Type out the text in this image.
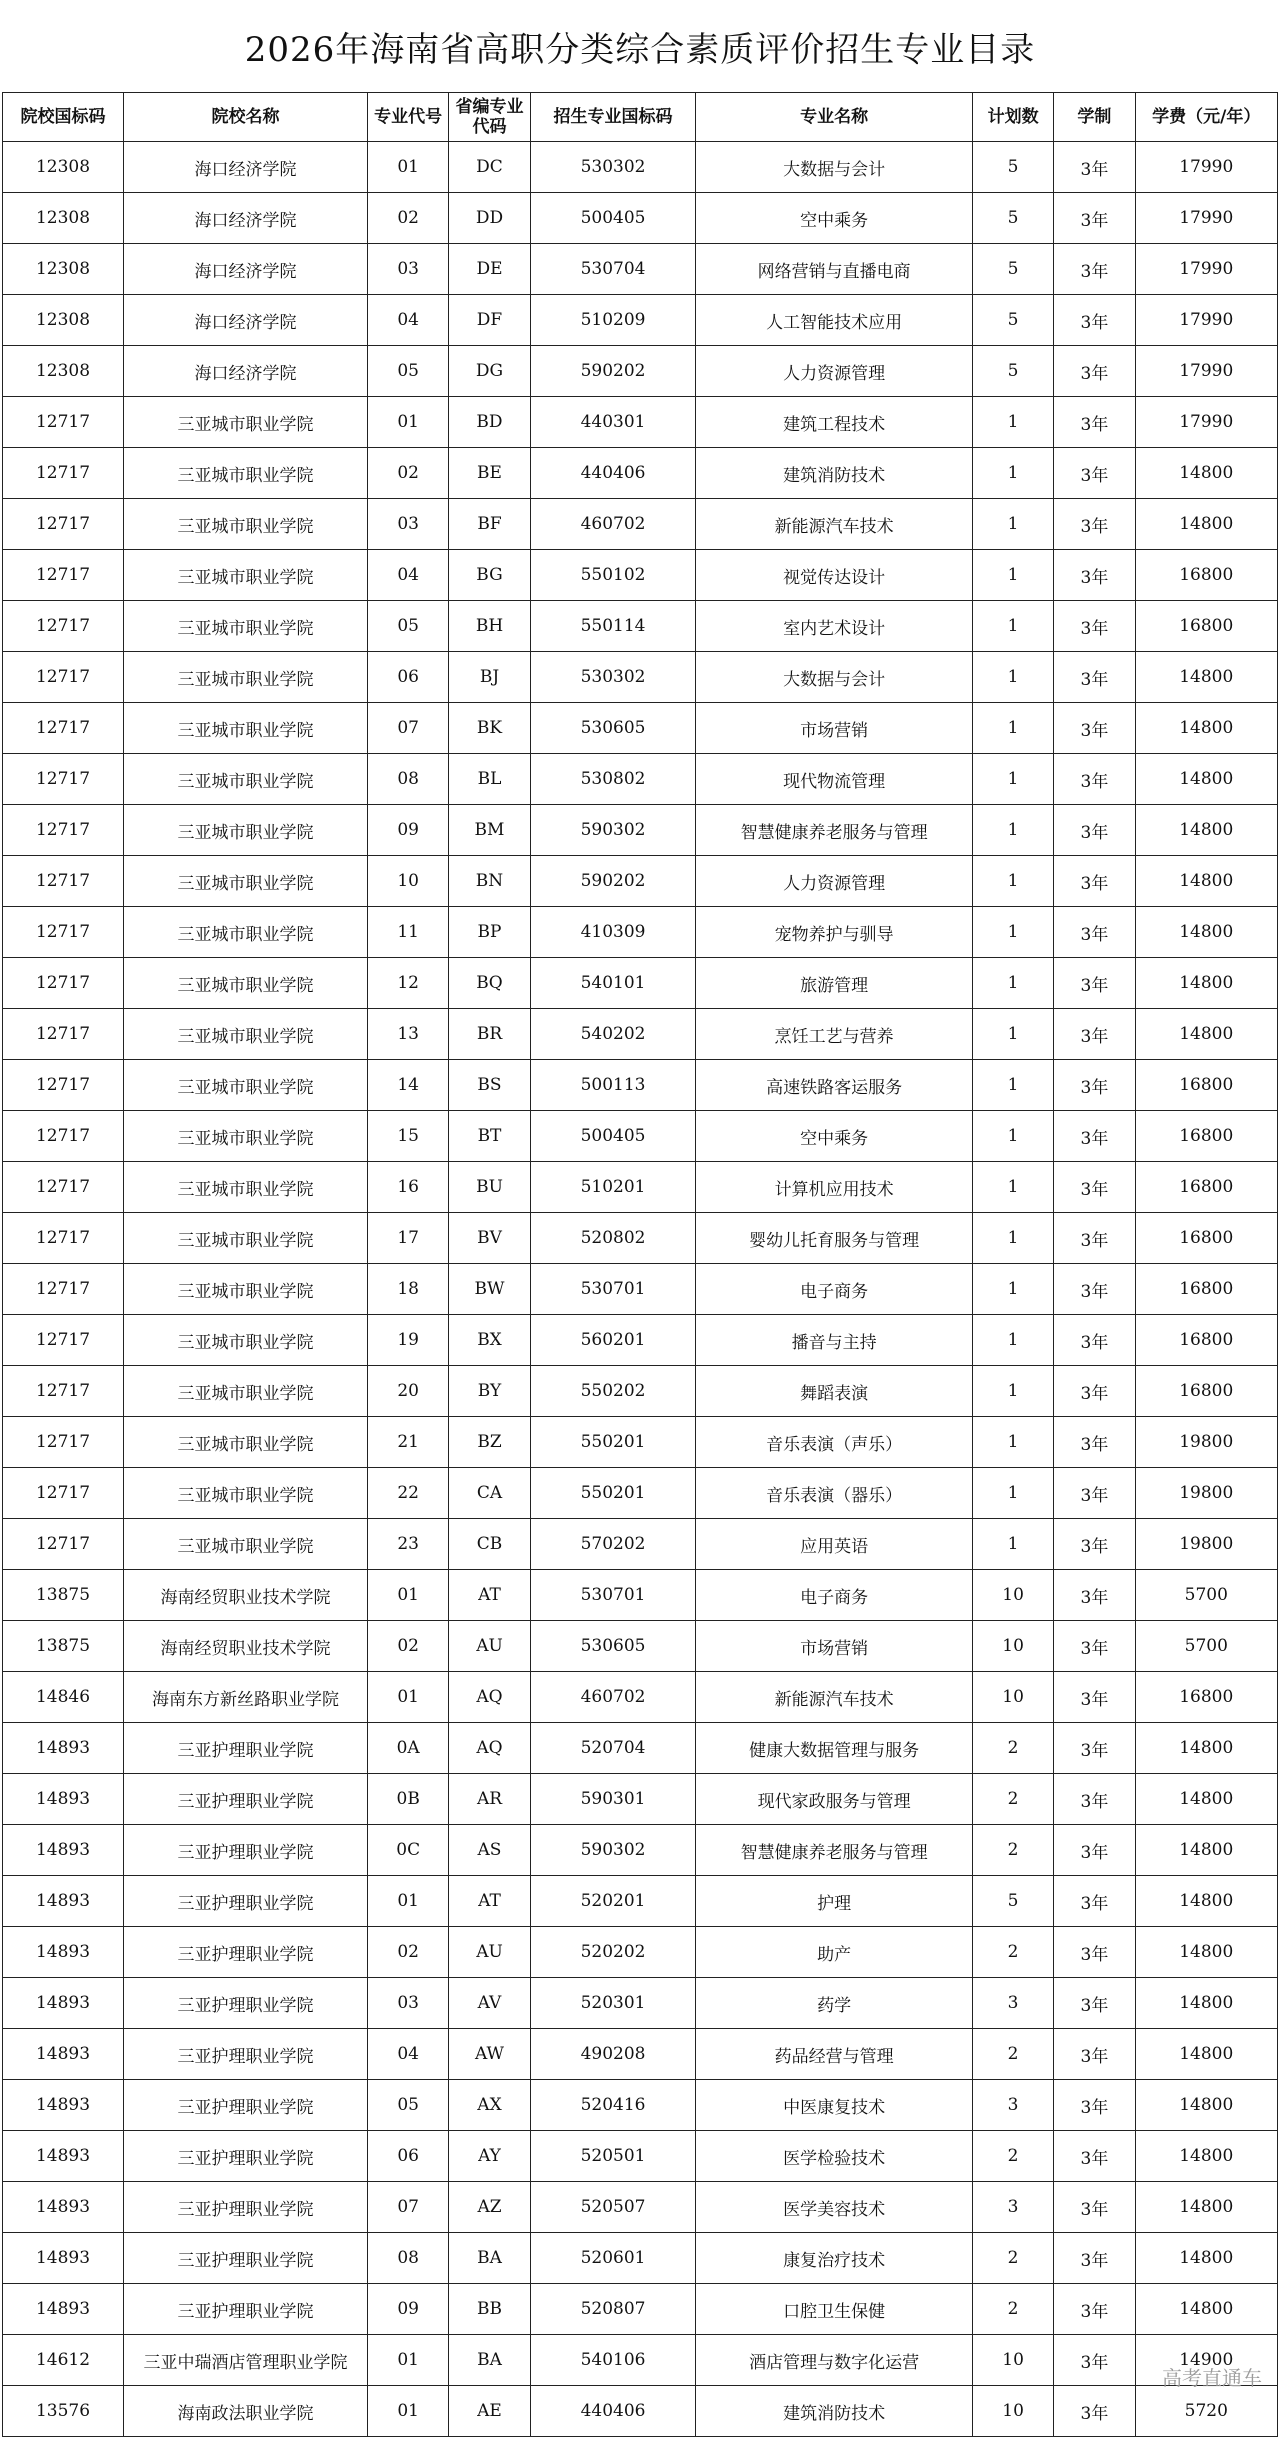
2026年海南省高职分类综合素质评价招生专业目录
院校国标码	院校名称	专业代号	省编专业代码	招生专业国标码	专业名称	计划数	学制	学费（元/年）
12308	海口经济学院	01	DC	530302	大数据与会计	5	3年	17990
12308	海口经济学院	02	DD	500405	空中乘务	5	3年	17990
12308	海口经济学院	03	DE	530704	网络营销与直播电商	5	3年	17990
12308	海口经济学院	04	DF	510209	人工智能技术应用	5	3年	17990
12308	海口经济学院	05	DG	590202	人力资源管理	5	3年	17990
12717	三亚城市职业学院	01	BD	440301	建筑工程技术	1	3年	17990
12717	三亚城市职业学院	02	BE	440406	建筑消防技术	1	3年	14800
12717	三亚城市职业学院	03	BF	460702	新能源汽车技术	1	3年	14800
12717	三亚城市职业学院	04	BG	550102	视觉传达设计	1	3年	16800
12717	三亚城市职业学院	05	BH	550114	室内艺术设计	1	3年	16800
12717	三亚城市职业学院	06	BJ	530302	大数据与会计	1	3年	14800
12717	三亚城市职业学院	07	BK	530605	市场营销	1	3年	14800
12717	三亚城市职业学院	08	BL	530802	现代物流管理	1	3年	14800
12717	三亚城市职业学院	09	BM	590302	智慧健康养老服务与管理	1	3年	14800
12717	三亚城市职业学院	10	BN	590202	人力资源管理	1	3年	14800
12717	三亚城市职业学院	11	BP	410309	宠物养护与驯导	1	3年	14800
12717	三亚城市职业学院	12	BQ	540101	旅游管理	1	3年	14800
12717	三亚城市职业学院	13	BR	540202	烹饪工艺与营养	1	3年	14800
12717	三亚城市职业学院	14	BS	500113	高速铁路客运服务	1	3年	16800
12717	三亚城市职业学院	15	BT	500405	空中乘务	1	3年	16800
12717	三亚城市职业学院	16	BU	510201	计算机应用技术	1	3年	16800
12717	三亚城市职业学院	17	BV	520802	婴幼儿托育服务与管理	1	3年	16800
12717	三亚城市职业学院	18	BW	530701	电子商务	1	3年	16800
12717	三亚城市职业学院	19	BX	560201	播音与主持	1	3年	16800
12717	三亚城市职业学院	20	BY	550202	舞蹈表演	1	3年	16800
12717	三亚城市职业学院	21	BZ	550201	音乐表演（声乐）	1	3年	19800
12717	三亚城市职业学院	22	CA	550201	音乐表演（器乐）	1	3年	19800
12717	三亚城市职业学院	23	CB	570202	应用英语	1	3年	19800
13875	海南经贸职业技术学院	01	AT	530701	电子商务	10	3年	5700
13875	海南经贸职业技术学院	02	AU	530605	市场营销	10	3年	5700
14846	海南东方新丝路职业学院	01	AQ	460702	新能源汽车技术	10	3年	16800
14893	三亚护理职业学院	0A	AQ	520704	健康大数据管理与服务	2	3年	14800
14893	三亚护理职业学院	0B	AR	590301	现代家政服务与管理	2	3年	14800
14893	三亚护理职业学院	0C	AS	590302	智慧健康养老服务与管理	2	3年	14800
14893	三亚护理职业学院	01	AT	520201	护理	5	3年	14800
14893	三亚护理职业学院	02	AU	520202	助产	2	3年	14800
14893	三亚护理职业学院	03	AV	520301	药学	3	3年	14800
14893	三亚护理职业学院	04	AW	490208	药品经营与管理	2	3年	14800
14893	三亚护理职业学院	05	AX	520416	中医康复技术	3	3年	14800
14893	三亚护理职业学院	06	AY	520501	医学检验技术	2	3年	14800
14893	三亚护理职业学院	07	AZ	520507	医学美容技术	3	3年	14800
14893	三亚护理职业学院	08	BA	520601	康复治疗技术	2	3年	14800
14893	三亚护理职业学院	09	BB	520807	口腔卫生保健	2	3年	14800
14612	三亚中瑞酒店管理职业学院	01	BA	540106	酒店管理与数字化运营	10	3年	14900
13576	海南政法职业学院	01	AE	440406	建筑消防技术	10	3年	5720
高考直通车
